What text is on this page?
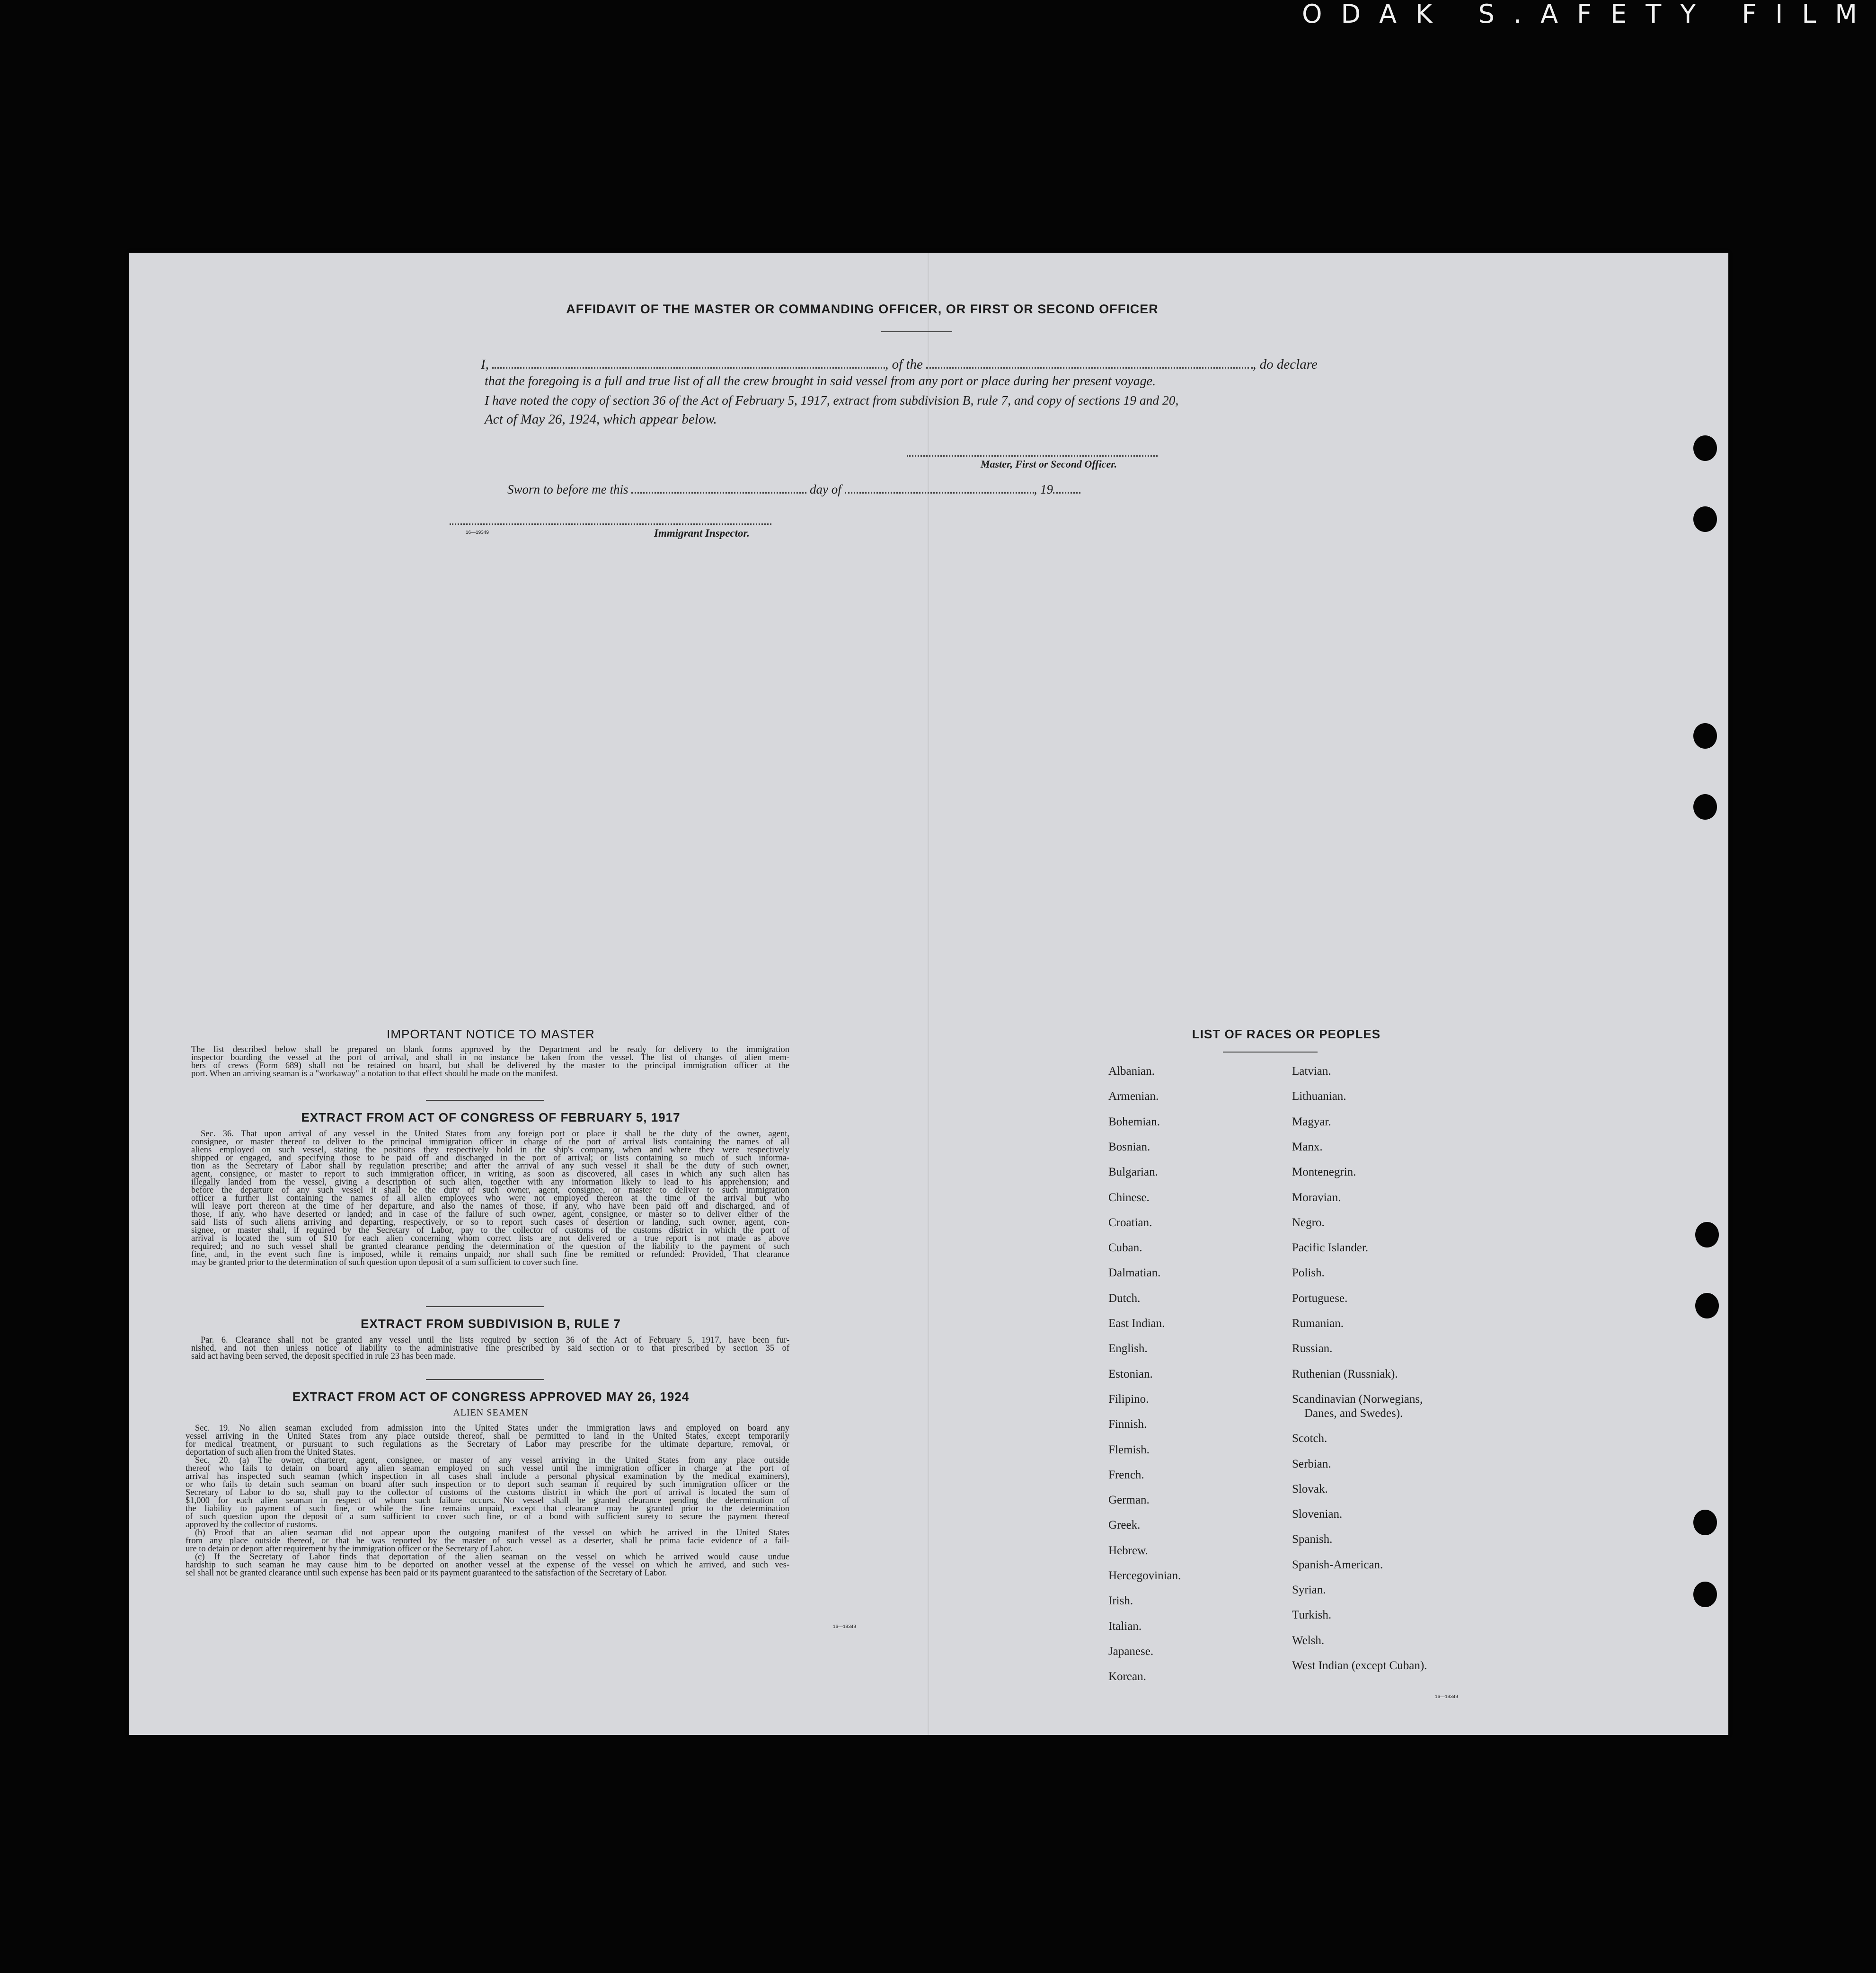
ODAK S.AFETY FILM
AFFIDAVIT OF THE MASTER OR COMMANDING OFFICER, OR FIRST OR SECOND OFFICER
I,	, of the	, do declare
that the foregoing is a full and true list of all the crew brought in said vessel from any port or place during her present voyage.
I have noted the copy of section 36 of the Act of February 5, 1917, extract from subdivision B, rule 7, and copy of sections 19 and 20,
Act of May 26, 1924, which appear below.
Master, First or Second Officer.
Sworn to before me this	day of	, 19
16—19349	Immigrant Inspector.
IMPORTANT NOTICE TO MASTER
The list described below shall be prepared on blank forms approved by the Department and be ready for delivery to the immigration
inspector boarding the vessel at the port of arrival, and shall in no instance be taken from the vessel. The list of changes of alien mem-
bers of crews (Form 689) shall not be retained on board, but shall be delivered by the master to the principal immigration officer at the
port. When an arriving seaman is a "workaway" a notation to that effect should be made on the manifest.
EXTRACT FROM ACT OF CONGRESS OF FEBRUARY 5, 1917
Sec. 36. That upon arrival of any vessel in the United States from any foreign port or place it shall be the duty of the owner, agent,
consignee, or master thereof to deliver to the principal immigration officer in charge of the port of arrival lists containing the names of all
aliens employed on such vessel, stating the positions they respectively hold in the ship's company, when and where they were respectively
shipped or engaged, and specifying those to be paid off and discharged in the port of arrival; or lists containing so much of such informa-
tion as the Secretary of Labor shall by regulation prescribe; and after the arrival of any such vessel it shall be the duty of such owner,
agent, consignee, or master to report to such immigration officer, in writing, as soon as discovered, all cases in which any such alien has
illegally landed from the vessel, giving a description of such alien, together with any information likely to lead to his apprehension; and
before the departure of any such vessel it shall be the duty of such owner, agent, consignee, or master to deliver to such immigration
officer a further list containing the names of all alien employees who were not employed thereon at the time of the arrival but who
will leave port thereon at the time of her departure, and also the names of those, if any, who have been paid off and discharged, and of
those, if any, who have deserted or landed; and in case of the failure of such owner, agent, consignee, or master so to deliver either of the
said lists of such aliens arriving and departing, respectively, or so to report such cases of desertion or landing, such owner, agent, con-
signee, or master shall, if required by the Secretary of Labor, pay to the collector of customs of the customs district in which the port of
arrival is located the sum of $10 for each alien concerning whom correct lists are not delivered or a true report is not made as above
required; and no such vessel shall be granted clearance pending the determination of the question of the liability to the payment of such
fine, and, in the event such fine is imposed, while it remains unpaid; nor shall such fine be remitted or refunded: Provided, That clearance
may be granted prior to the determination of such question upon deposit of a sum sufficient to cover such fine.
EXTRACT FROM SUBDIVISION B, RULE 7
Par. 6. Clearance shall not be granted any vessel until the lists required by section 36 of the Act of February 5, 1917, have been fur-
nished, and not then unless notice of liability to the administrative fine prescribed by said section or to that prescribed by section 35 of
said act having been served, the deposit specified in rule 23 has been made.
EXTRACT FROM ACT OF CONGRESS APPROVED MAY 26, 1924
ALIEN SEAMEN
Sec. 19. No alien seaman excluded from admission into the United States under the immigration laws and employed on board any
vessel arriving in the United States from any place outside thereof, shall be permitted to land in the United States, except temporarily
for medical treatment, or pursuant to such regulations as the Secretary of Labor may prescribe for the ultimate departure, removal, or
deportation of such alien from the United States.
Sec. 20. (a) The owner, charterer, agent, consignee, or master of any vessel arriving in the United States from any place outside
thereof who fails to detain on board any alien seaman employed on such vessel until the immigration officer in charge at the port of
arrival has inspected such seaman (which inspection in all cases shall include a personal physical examination by the medical examiners),
or who fails to detain such seaman on board after such inspection or to deport such seaman if required by such immigration officer or the
Secretary of Labor to do so, shall pay to the collector of customs of the customs district in which the port of arrival is located the sum of
$1,000 for each alien seaman in respect of whom such failure occurs. No vessel shall be granted clearance pending the determination of
the liability to payment of such fine, or while the fine remains unpaid, except that clearance may be granted prior to the determination
of such question upon the deposit of a sum sufficient to cover such fine, or of a bond with sufficient surety to secure the payment thereof
approved by the collector of customs.
(b) Proof that an alien seaman did not appear upon the outgoing manifest of the vessel on which he arrived in the United States
from any place outside thereof, or that he was reported by the master of such vessel as a deserter, shall be prima facie evidence of a fail-
ure to detain or deport after requirement by the immigration officer or the Secretary of Labor.
(c) If the Secretary of Labor finds that deportation of the alien seaman on the vessel on which he arrived would cause undue
hardship to such seaman he may cause him to be deported on another vessel at the expense of the vessel on which he arrived, and such ves-
sel shall not be granted clearance until such expense has been paid or its payment guaranteed to the satisfaction of the Secretary of Labor.
16—19349
LIST OF RACES OR PEOPLES
16—19349
Albanian.
Armenian.
Bohemian.
Bosnian.
Bulgarian.
Chinese.
Croatian.
Cuban.
Dalmatian.
Dutch.
East Indian.
English.
Estonian.
Filipino.
Finnish.
Flemish.
French.
German.
Greek.
Hebrew.
Hercegovinian.
Irish.
Italian.
Japanese.
Korean.
Latvian.
Lithuanian.
Magyar.
Manx.
Montenegrin.
Moravian.
Negro.
Pacific Islander.
Polish.
Portuguese.
Rumanian.
Russian.
Ruthenian (Russniak).
Scandinavian (Norwegians,
Danes, and Swedes).
Scotch.
Serbian.
Slovak.
Slovenian.
Spanish.
Spanish-American.
Syrian.
Turkish.
Welsh.
West Indian (except Cuban).
